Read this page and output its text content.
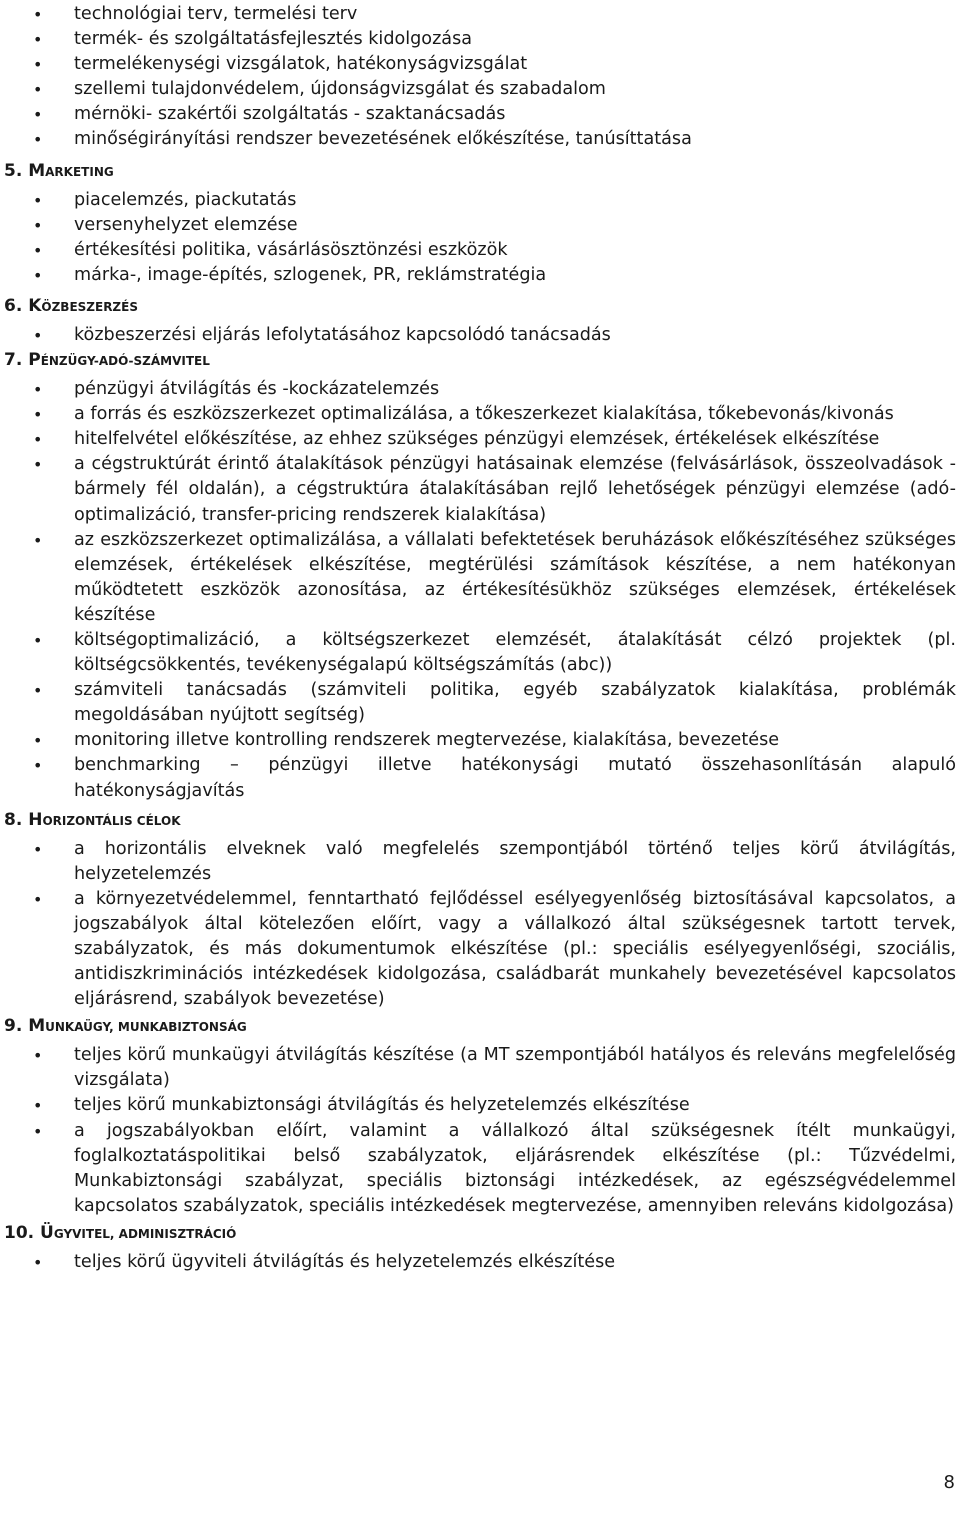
•
technológiai terv, termelési terv
•
termék- és szolgáltatásfejlesztés kidolgozása
•
termelékenységi vizsgálatok, hatékonyságvizsgálat
•
szellemi tulajdonvédelem, újdonságvizsgálat és szabadalom
•
mérnöki- szakértői szolgáltatás - szaktanácsadás
•
minőségirányítási rendszer bevezetésének előkészítése, tanúsíttatása
5. MARKETING
•
piacelemzés, piackutatás
•
versenyhelyzet elemzése
•
értékesítési politika, vásárlásösztönzési eszközök
•
márka-, image-építés, szlogenek, PR, reklámstratégia
6. KÖZBESZERZÉS
•
közbeszerzési eljárás lefolytatásához kapcsolódó tanácsadás
7. PÉNZÜGY-ADÓ-SZÁMVITEL
•
pénzügyi átvilágítás és -kockázatelemzés
•
a forrás és eszközszerkezet optimalizálása, a tőkeszerkezet kialakítása, tőkebevonás/kivonás
•
hitelfelvétel előkészítése, az ehhez szükséges pénzügyi elemzések, értékelések elkészítése
•
a cégstruktúrát érintő átalakítások pénzügyi hatásainak elemzése (felvásárlások, összeolvadások - bármely fél oldalán), a cégstruktúra átalakításában rejlő lehetőségek pénzügyi elemzése (adó-optimalizáció, transfer-pricing rendszerek kialakítása)
•
az eszközszerkezet optimalizálása, a vállalati befektetések beruházások előkészítéséhez szükséges elemzések, értékelések elkészítése, megtérülési számítások készítése, a nem hatékonyan működtetett eszközök azonosítása, az értékesítésükhöz szükséges elemzések, értékelések készítése
•
költségoptimalizáció, a költségszerkezet elemzését, átalakítását célzó projektek (pl. költségcsökkentés, tevékenységalapú költségszámítás (abc))
•
számviteli tanácsadás (számviteli politika, egyéb szabályzatok kialakítása, problémák megoldásában nyújtott segítség)
•
monitoring illetve kontrolling rendszerek megtervezése, kialakítása, bevezetése
•
benchmarking – pénzügyi illetve hatékonysági mutató összehasonlításán alapuló hatékonyságjavítás
8. HORIZONTÁLIS CÉLOK
•
a horizontális elveknek való megfelelés szempontjából történő teljes körű átvilágítás, helyzetelemzés
•
a környezetvédelemmel, fenntartható fejlődéssel esélyegyenlőség biztosításával kapcsolatos, a jogszabályok által kötelezően előírt, vagy a vállalkozó által szükségesnek tartott tervek, szabályzatok, és más dokumentumok elkészítése (pl.: speciális esélyegyenlőségi, szociális, antidiszkriminációs intézkedések kidolgozása, családbarát munkahely bevezetésével kapcsolatos eljárásrend, szabályok bevezetése)
9. MUNKAÜGY, MUNKABIZTONSÁG
•
teljes körű munkaügyi átvilágítás készítése (a MT szempontjából hatályos és releváns megfelelőség vizsgálata)
•
teljes körű munkabiztonsági átvilágítás és helyzetelemzés elkészítése
•
a jogszabályokban előírt, valamint a vállalkozó által szükségesnek ítélt munkaügyi, foglalkoztatáspolitikai belső szabályzatok, eljárásrendek elkészítése (pl.: Tűzvédelmi, Munkabiztonsági szabályzat, speciális biztonsági intézkedések, az egészségvédelemmel kapcsolatos szabályzatok, speciális intézkedések megtervezése, amennyiben releváns kidolgozása)
10. ÜGYVITEL, ADMINISZTRÁCIÓ
•
teljes körű ügyviteli átvilágítás és helyzetelemzés elkészítése
8
